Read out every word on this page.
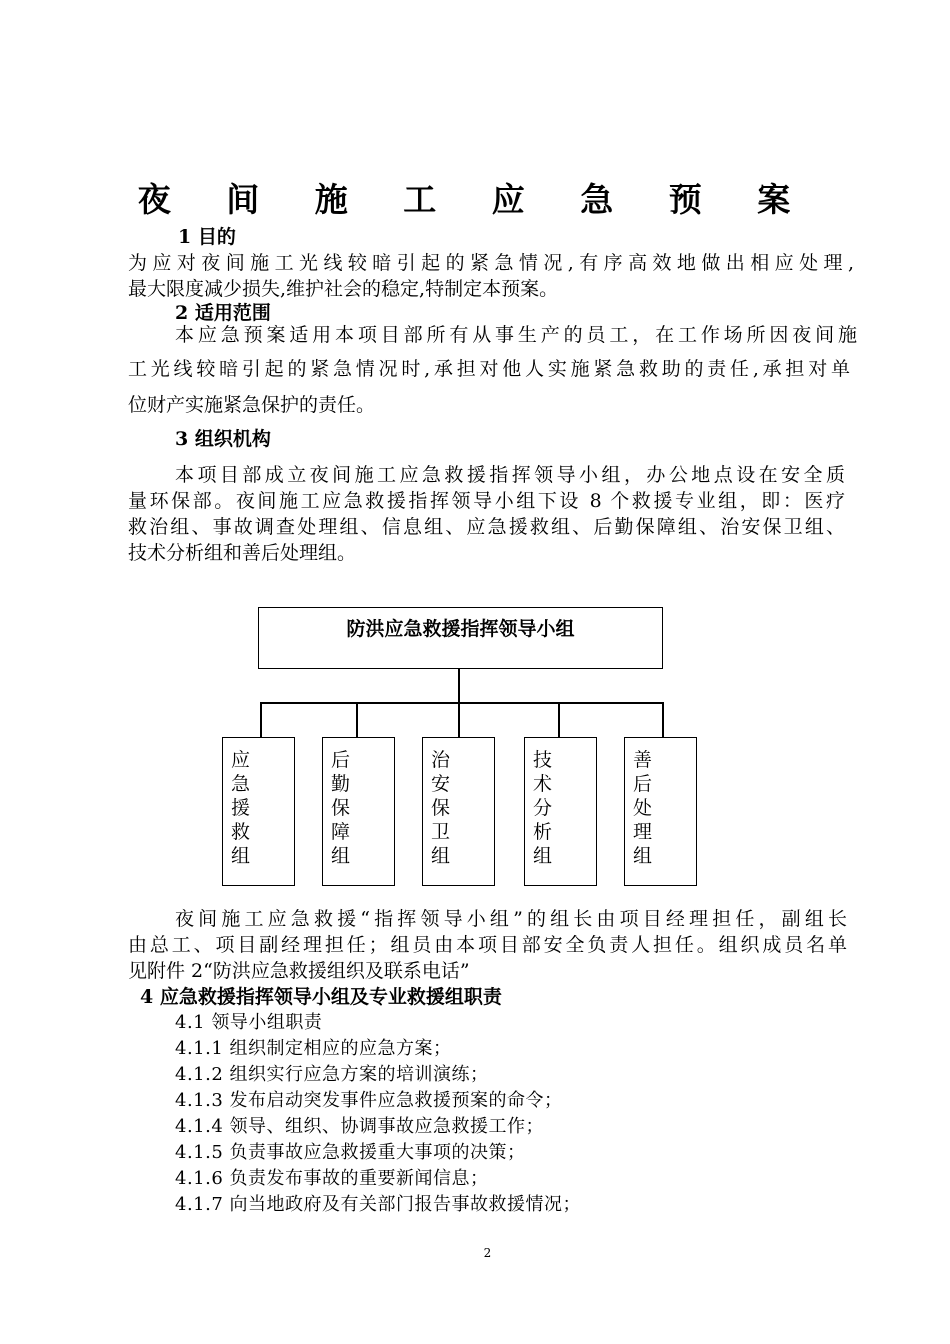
夜 间 施 工 应 急 预 案
1 目的
为应对夜间施工光线较暗引起的紧急情况,有序高效地做出相应处理,
最大限度减少损失,维护社会的稳定,特制定本预案。
2 适用范围
本应急预案适用本项目部所有从事生产的员工，在工作场所因夜间施
工光线较暗引起的紧急情况时,承担对他人实施紧急救助的责任,承担对单
位财产实施紧急保护的责任。
3 组织机构
本项目部成立夜间施工应急救援指挥领导小组，办公地点设在安全质
量环保部。夜间施工应急救援指挥领导小组下设 8 个救援专业组，即：医疗
救治组、事故调查处理组、信息组、应急援救组、后勤保障组、治安保卫组、
技术分析组和善后处理组。
防洪应急救援指挥领导小组
应急援救组
后勤保障组
治安保卫组
技术分析组
善后处理组
夜间施工应急救援“指挥领导小组”的组长由项目经理担任，副组长
由总工、项目副经理担任；组员由本项目部安全负责人担任。组织成员名单
见附件 2“防洪应急救援组织及联系电话”
4 应急救援指挥领导小组及专业救援组职责
4.1 领导小组职责
4.1.1 组织制定相应的应急方案；
4.1.2 组织实行应急方案的培训演练；
4.1.3 发布启动突发事件应急救援预案的命令；
4.1.4 领导、组织、协调事故应急救援工作；
4.1.5 负责事故应急救援重大事项的决策；
4.1.6 负责发布事故的重要新闻信息；
4.1.7 向当地政府及有关部门报告事故救援情况；
2
